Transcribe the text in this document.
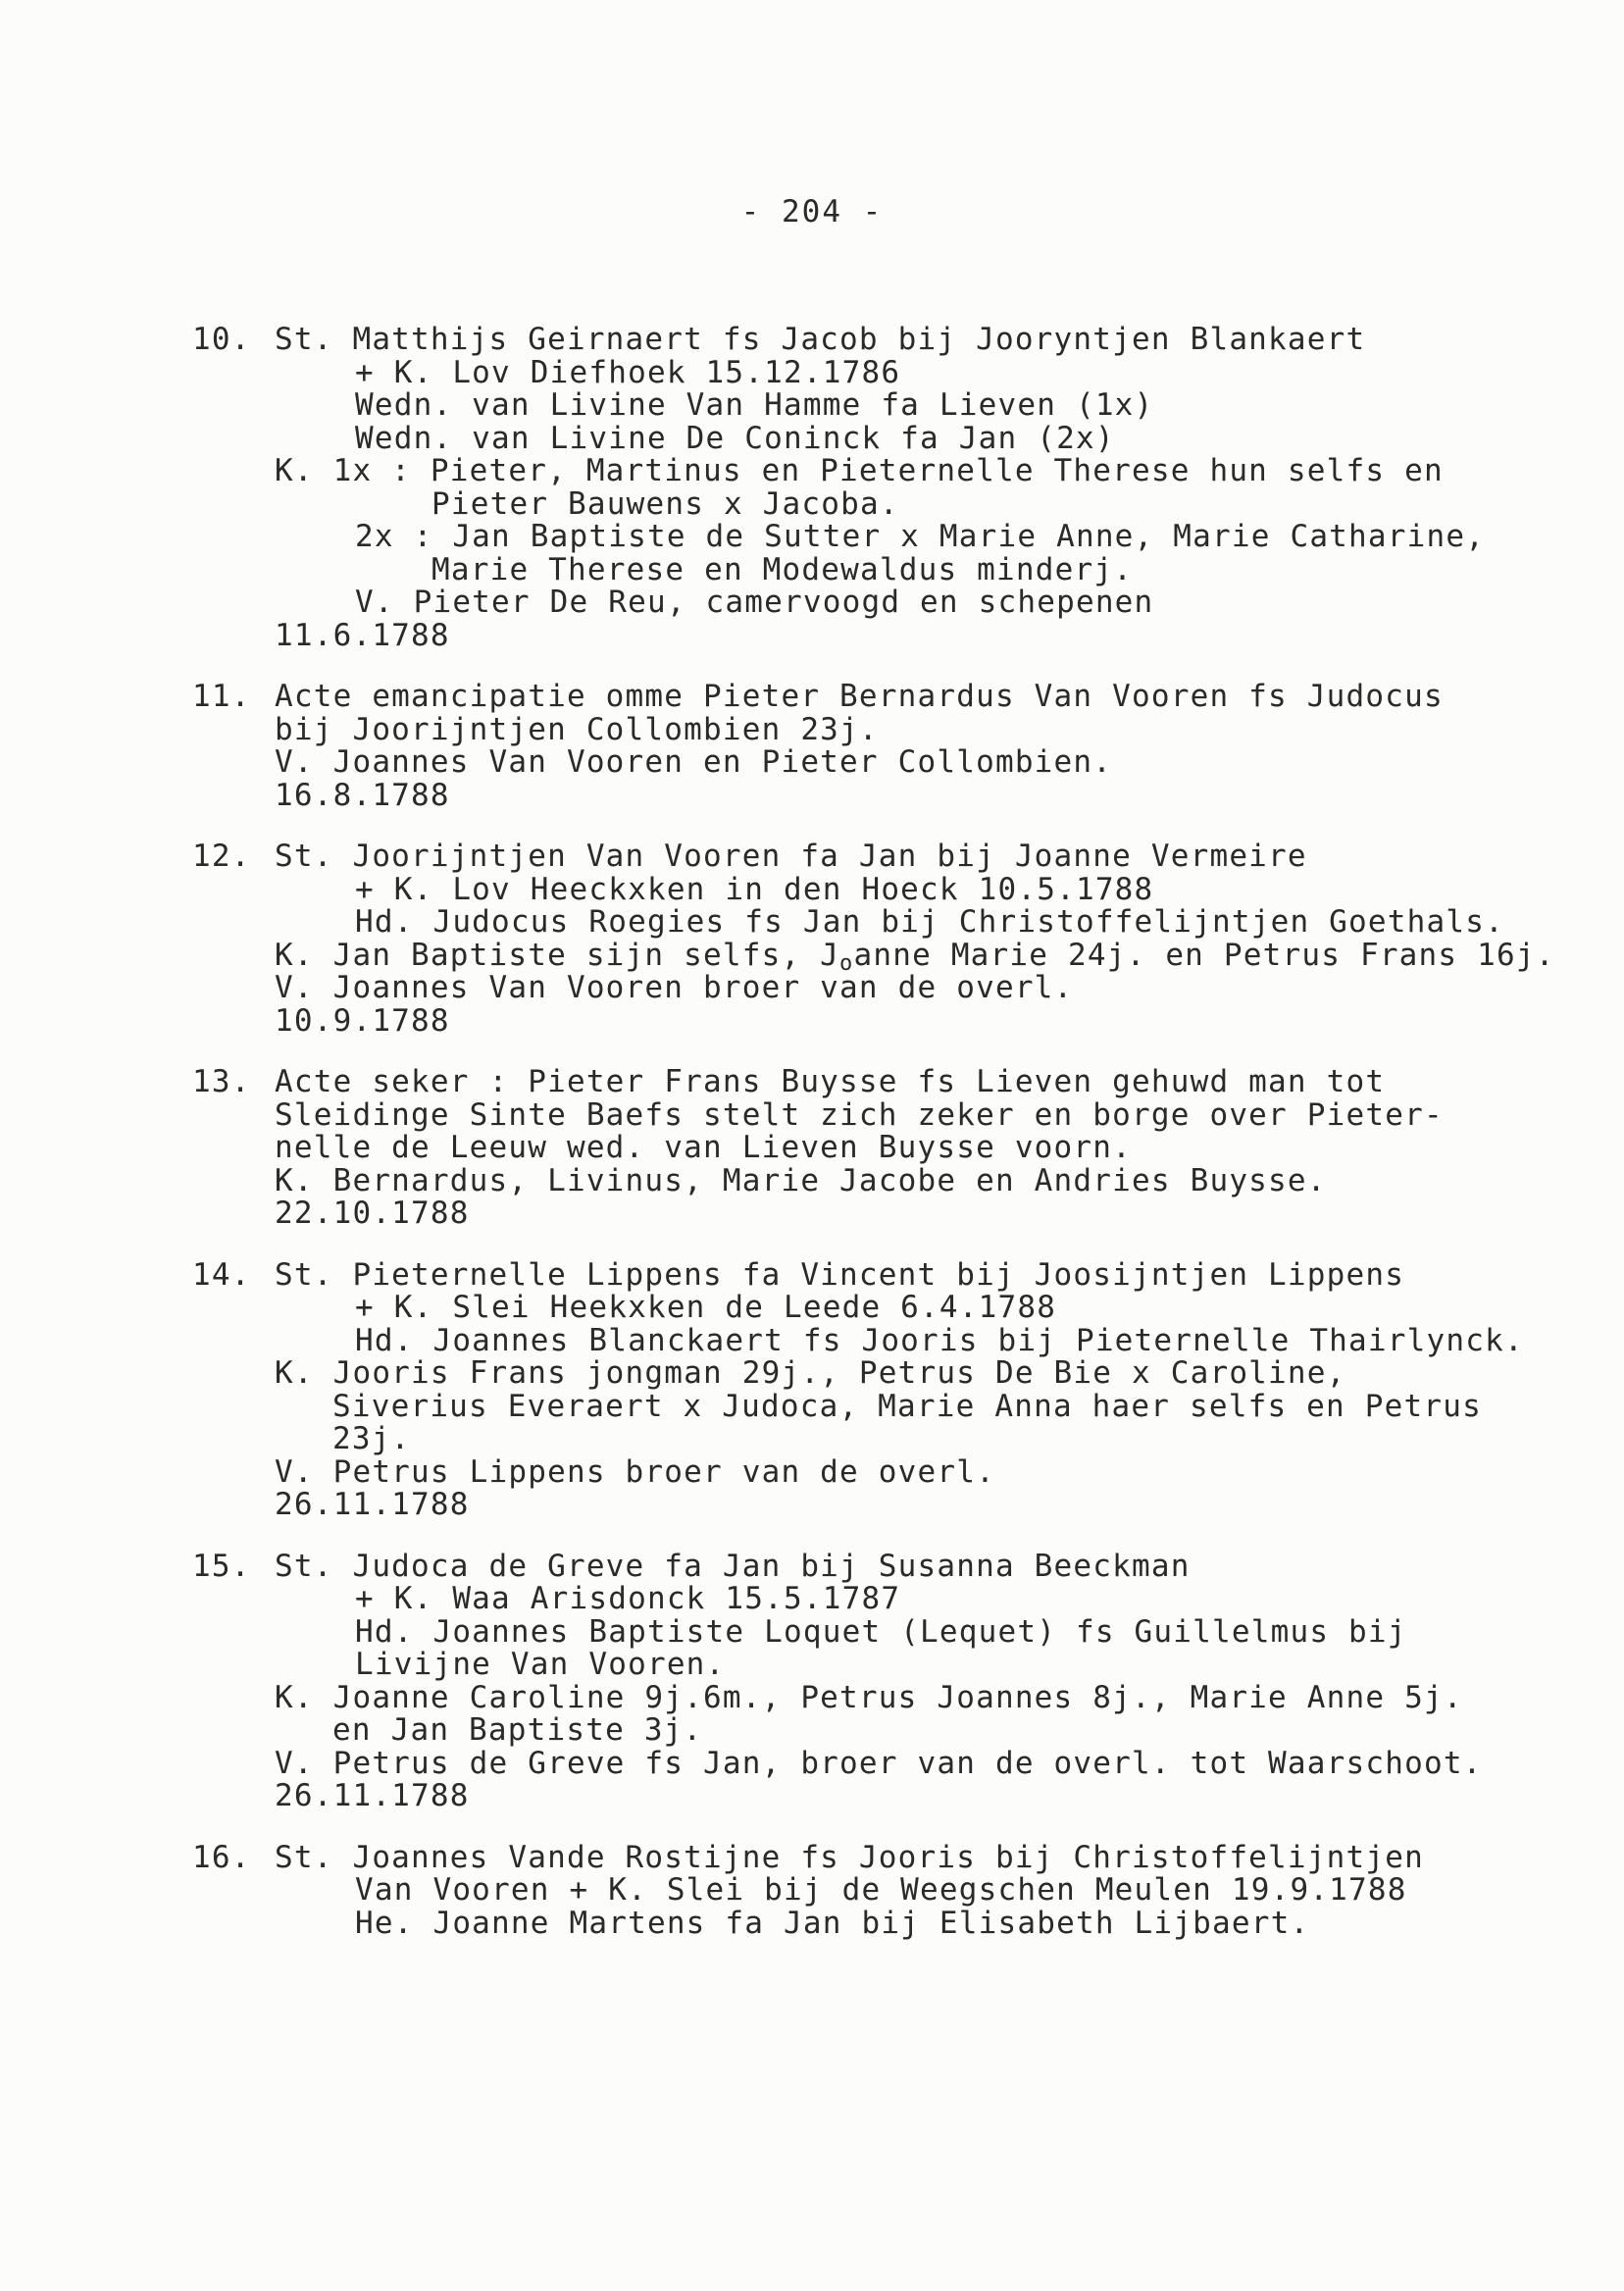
- 204 -

10.

St. Matthijs Geirnaert fs Jacob bij Jooryntjen Blankaert

+ K. Lov Diefhoek 15.12.1786
Wedn. van Livine Van Hamme fa Lieven (1x)
Wedn. van Livine De Coninck fa Jan (2x)
K. 1x : Pieter, Martinus en Pieternelle Therese hun selfs en
Pieter Bauwens x Jacoba.
2x : Jan Baptiste de Sutter x Marie Anne, Marie Catharine,
Marie Therese en Modewaldus minderj.
V. Pieter De Reu, camervoogd en schepenen
11.6.1788

11.

Acte emancipatie omme Pieter Bernardus Van Vooren fs Judocus

bij Joorijntjen Collombien 23j.
V. Joannes Van Vooren en Pieter Collombien.
16.8.1788

12.

St. Joorijntjen Van Vooren fa Jan bij Joanne Vermeire

+ K. Lov Heeckxken in den Hoeck 10.5.1788
Hd. Judocus Roegies fs Jan bij Christoffelijntjen Goethals.
K. Jan Baptiste sijn selfs, $J_oanne$ Marie 24j. en Petrus Frans 16j.
V. Joannes Van Vooren broer van de overl.
10.9.1788

13.

Acte seker : Pieter Frans Buysse fs Lieven gehuwd man tot

Sleidinge Sinte Baefs stelt zich zeker en borge over Pieter-
nelle de Leeuw wed. van Lieven Buysse voorn.
K. Bernardus, Livinus, Marie Jacobe en Andries Buysse.
22.10.1788

14.

St. Pieternelle Lippens fa Vincent bij Joosijntjen Lippens

+ K. Slei Heekxken de Leede 6.4.1788
Hd. Joannes Blanckaert fs Jooris bij Pieternelle Thairlynck.
K. Jooris Frans jongman 29j., Petrus De Bie x Caroline,
Siverius Everaert x Judoca, Marie Anna haer selfs en Petrus
23j.
V. Petrus Lippens broer van de overl.
26.11.1788

15.

St. Judoca de Greve fa Jan bij Susanna Beeckman

+ K. Waa Arisdonck 15.5.1787
Hd. Joannes Baptiste Loquet (Lequet) fs Guillelmus bij
Livijne Van Vooren.
K. Joanne Caroline 9j.6m., Petrus Joannes 8j., Marie Anne 5j.
en Jan Baptiste 3j.
V. Petrus de Greve fs Jan, broer van de overl. tot Waarschoot.
26.11.1788

16.

St. Joannes Vande Rostijne fs Jooris bij Christoffelijntjen

Van Vooren + K. Slei bij de Weegschen Meulen 19.9.1788
He. Joanne Martens fa Jan bij Elisabeth Lijbaert.
